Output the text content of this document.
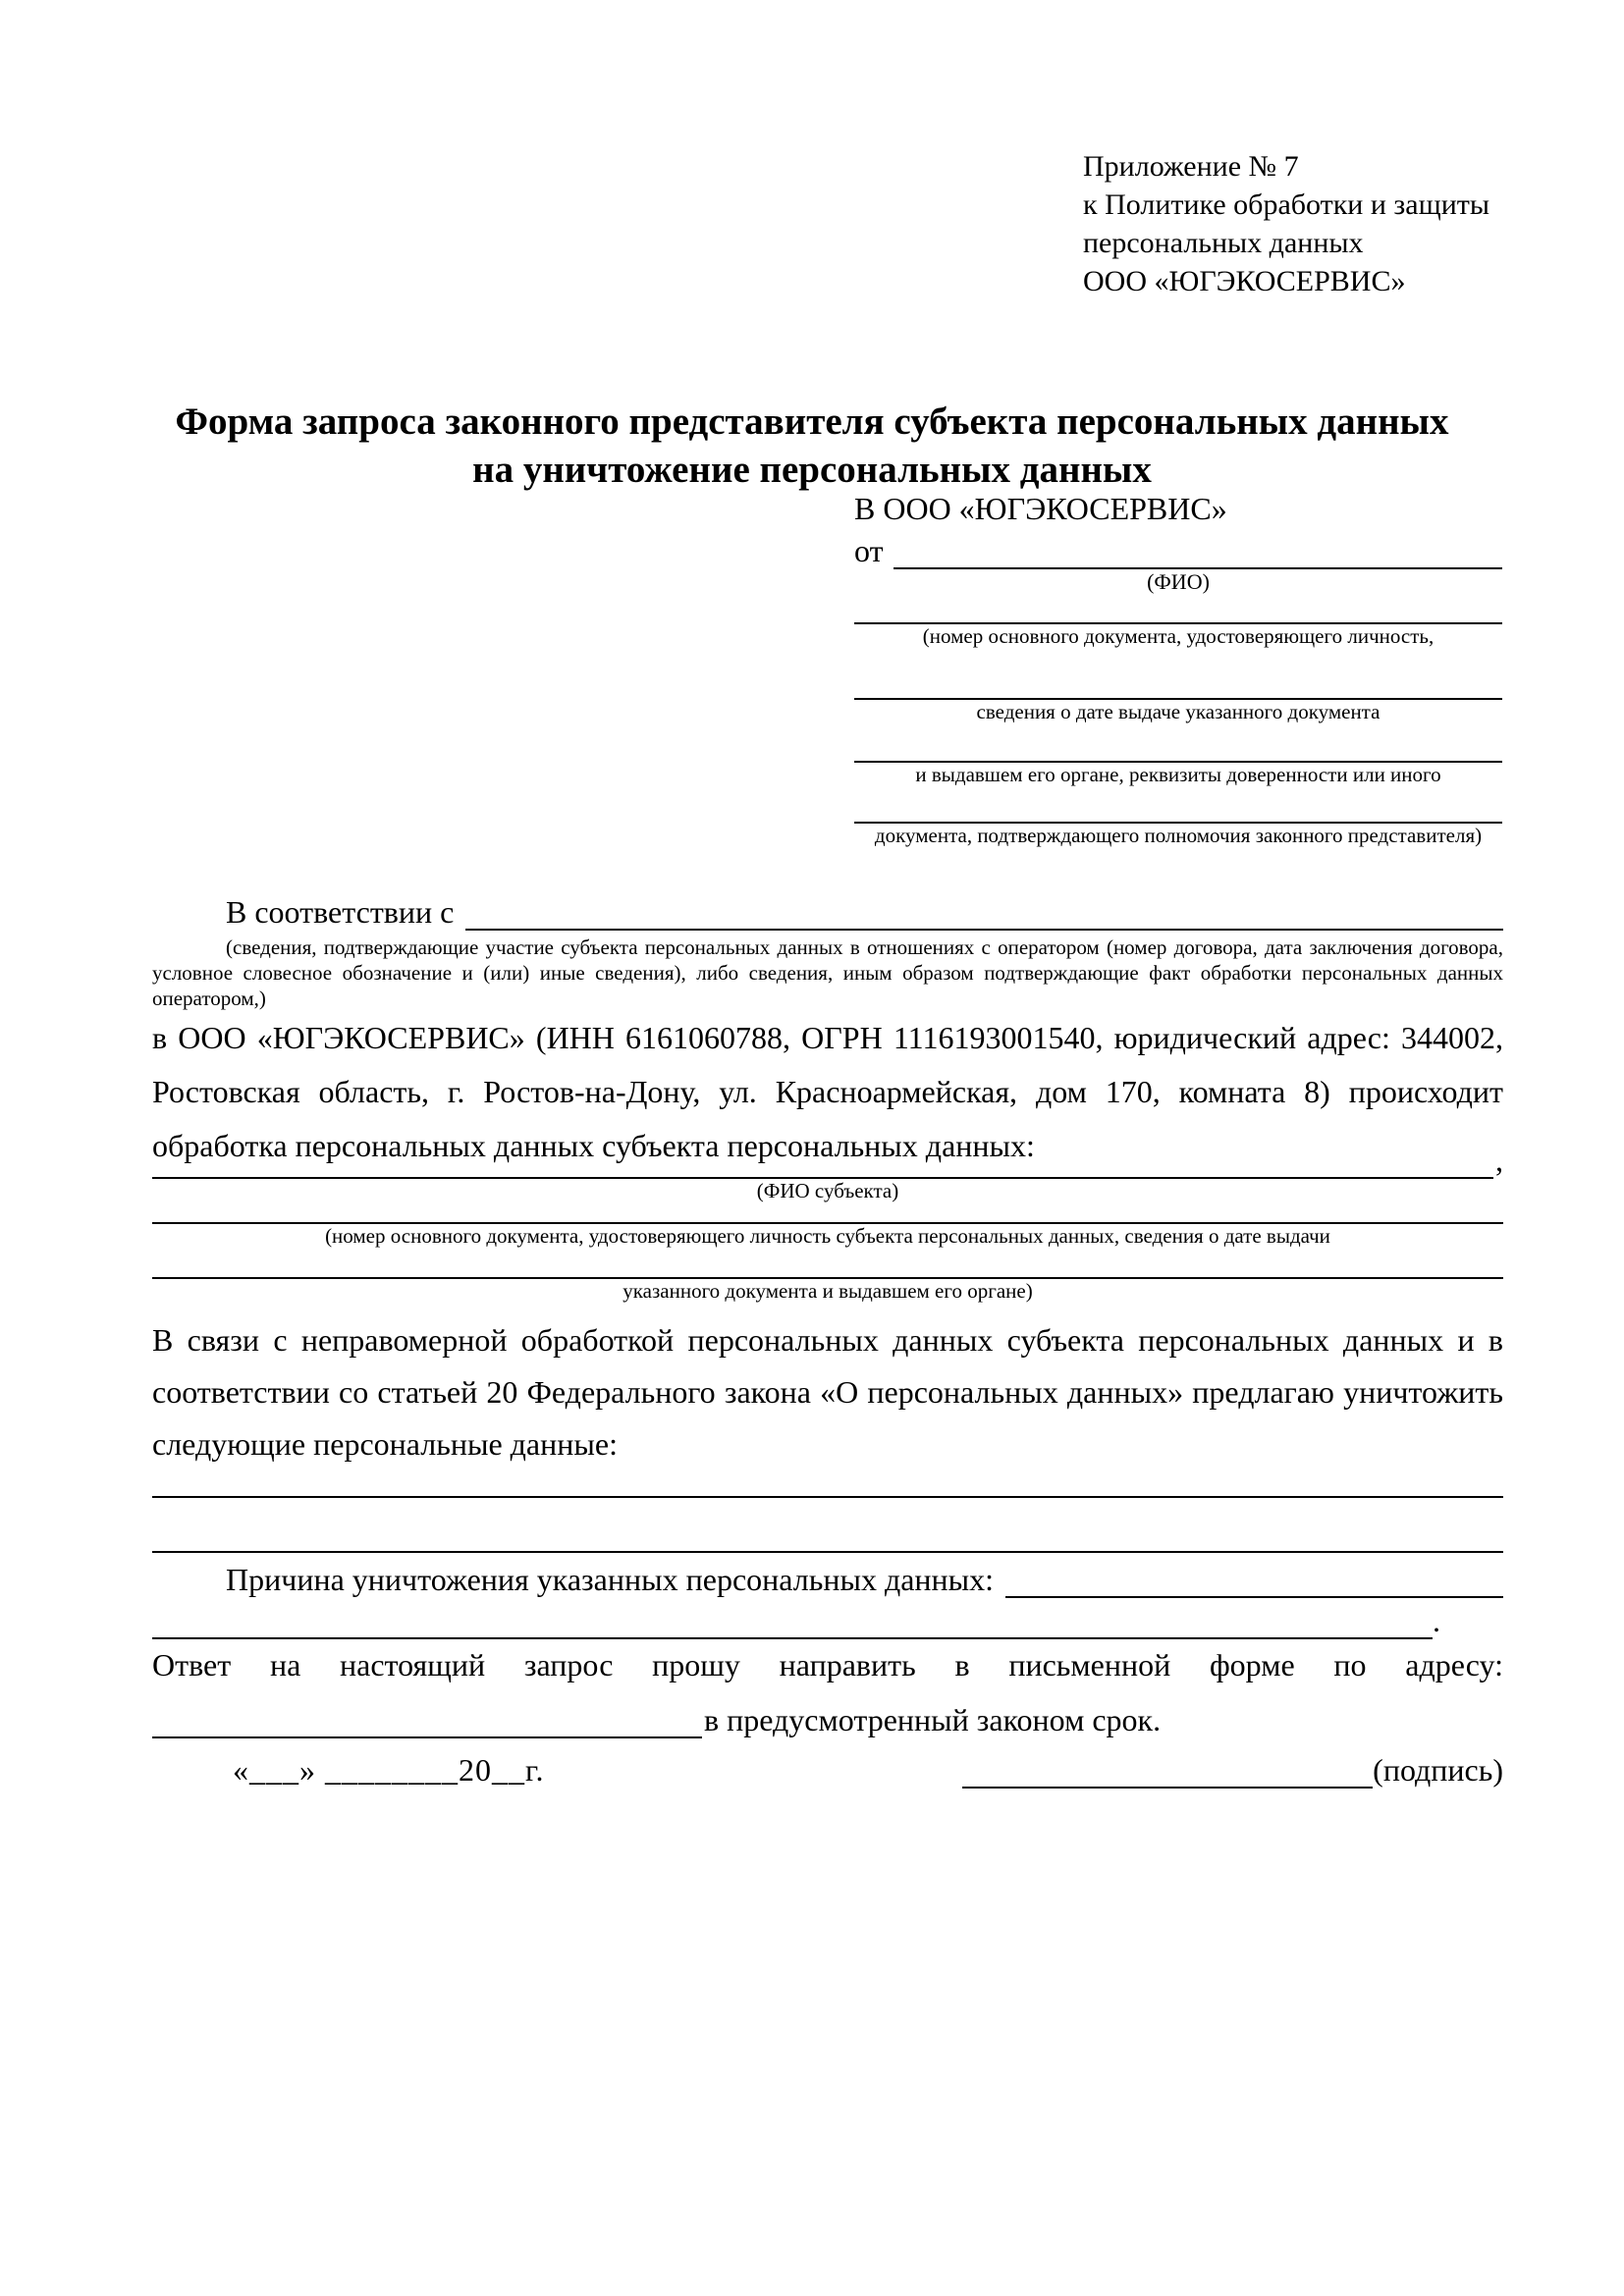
Приложение № 7
к Политике обработки и защиты
персональных данных
ООО «ЮГЭКОСЕРВИС»
Форма запроса законного представителя субъекта персональных данных
на уничтожение персональных данных
В ООО «ЮГЭКОСЕРВИС»
от
(ФИО)
(номер основного документа, удостоверяющего личность,
сведения о дате выдаче указанного документа
и выдавшем его органе, реквизиты доверенности или иного
документа, подтверждающего полномочия законного представителя)
В соответствии с
(сведения, подтверждающие участие субъекта персональных данных в отношениях с оператором (номер договора, дата заключения договора, условное словесное обозначение и (или) иные сведения), либо сведения, иным образом подтверждающие факт обработки персональных данных оператором,)
в ООО «ЮГЭКОСЕРВИС» (ИНН 6161060788, ОГРН 1116193001540, юридический адрес: 344002, Ростовская область, г. Ростов-на-Дону, ул. Красноармейская, дом 170, комната 8) происходит обработка персональных данных субъекта персональных данных:	,
(ФИО субъекта)
(номер основного документа, удостоверяющего личность субъекта персональных данных, сведения о дате выдачи
указанного документа и выдавшем его органе)
В связи с неправомерной обработкой персональных данных субъекта персональных данных и в соответствии со статьей 20 Федерального закона «О персональных данных» предлагаю уничтожить следующие персональные данные:
Причина уничтожения указанных персональных данных:
.
Ответ на настоящий запрос прошу направить в письменной форме по адресу:
в предусмотренный законом срок.
«___» ________20__г.	(подпись)
